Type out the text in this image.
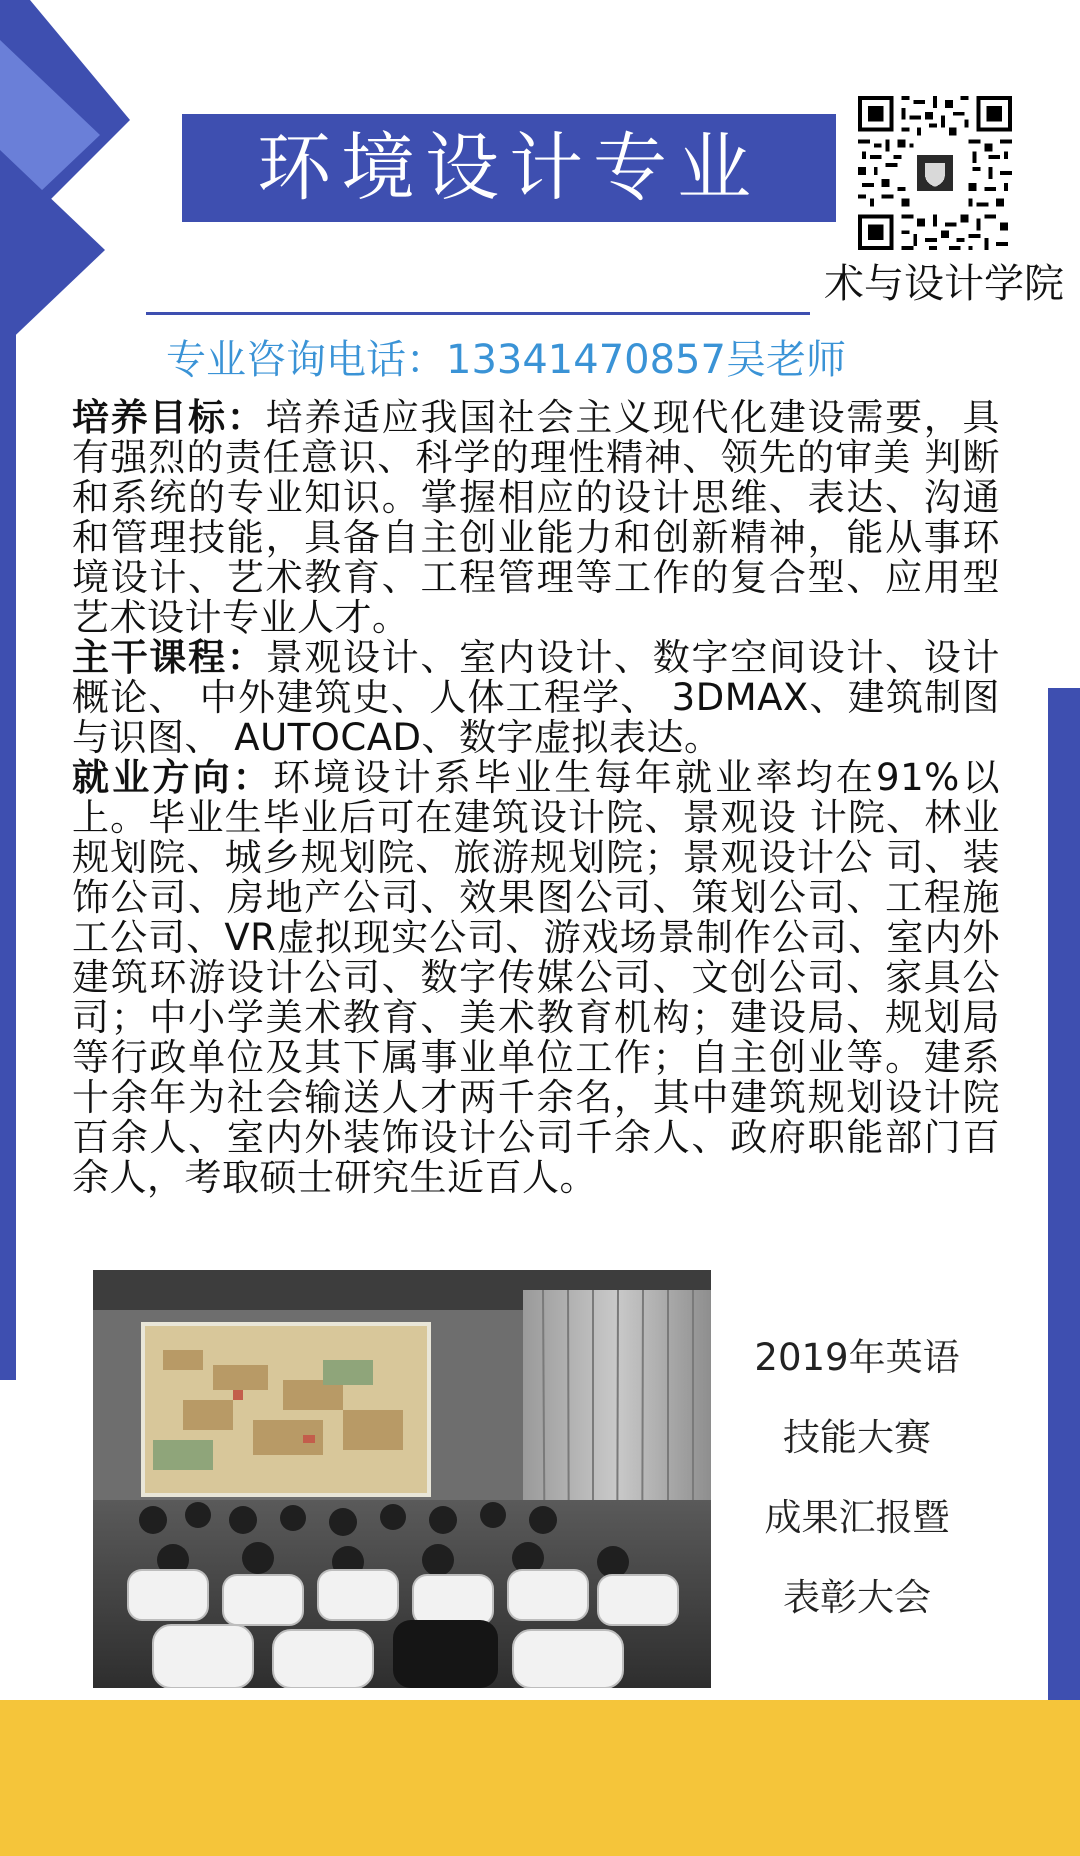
环境设计专业
术与设计学院
专业咨询电话：13341470857吴老师

培养目标：培养适应我国社会主义现代化建设需要，具有强烈的责任意识、科学的理性精神、领先的审美 判断和系统的专业知识。掌握相应的设计思维、表达、沟通和管理技能，具备自主创业能力和创新精神，能从事环境设计、艺术教育、工程管理等工作的复合型、应用型艺术设计专业人才。

主干课程：景观设计、室内设计、数字空间设计、设计概论、 中外建筑史、人体工程学、 3DMAX、建筑制图与识图、 AUTOCAD、数字虚拟表达。

就业方向：环境设计系毕业生每年就业率均在91%以上。毕业生毕业后可在建筑设计院、景观设 计院、林业规划院、城乡规划院、旅游规划院；景观设计公 司、装饰公司、房地产公司、效果图公司、策划公司、工程施工公司、VR虚拟现实公司、游戏场景制作公司、室内外建筑环游设计公司、数字传媒公司、文创公司、家具公司；中小学美术教育、美术教育机构；建设局、规划局等行政单位及其下属事业单位工作；自主创业等。建系十余年为社会输送人才两千余名，其中建筑规划设计院百余人、室内外装饰设计公司千余人、政府职能部门百余人，考取硕士研究生近百人。

2019年英语
技能大赛
成果汇报暨
表彰大会
